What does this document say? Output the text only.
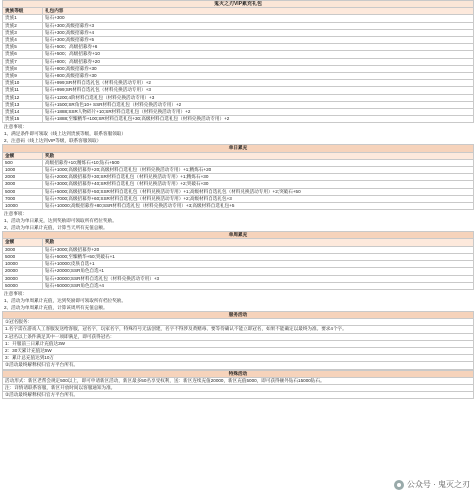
鬼灭之刃VIP累充礼包	
贵族等级	礼包内容
贵族1	钻石+300
贵族2	钻石+300;高级招募券+3
贵族3	钻石+300;高级招募券+4
贵族4	钻石+300;高级招募券+5
贵族5	钻石+500；高级招募券+6
贵族6	钻石+500；高级招募券+10
贵族7	钻石+800；高级招募券+20
贵族8	钻石+800;高级招募券+30
贵族9	钻石+800;高级招募券+30
贵族10	钻石+999;SR材料自选礼包（材料兑换活动专用）+2
贵族11	钻石+999;SR材料自选礼包（材料兑换活动专用）+3
贵族12	钻石+1200;4阶材料自选礼包（材料兑换活动专用）+3
贵族13	钻石+1500;SR角色10+ SSR材料自选礼包（材料兑换活动专用）+2
贵族14	钻石+1888;SSR人物碎片+10;SR材料自选礼包（材料兑换活动专用）+2
贵族15	钻石+1888;至臻精华+100;SR材料自选礼包+30;高级材料自选礼包（材料兑换活动专用）+2
注意事项：
1、满足条件即可领取（线上达到贵族等级，联系客服领取）
2、注意码（线上达到VIP等级，联系客服领取）
单日累充	
金额	奖励
500	高级招募券+10;精炼石+10;钻石+500
1000	钻石+1000;高级招募券+20;高级材料自选礼包（材料兑换活动专用）+1;精炼石+20
2000	钻石+2000;高级招募券+30;SR材料自选礼包（材料兑换活动专用）+1;精炼石+30
3000	钻石+3000;高级招募券+40;SR材料自选礼包（材料兑换活动专用）+2;突破石+30
5000	钻石+5000;高级招募券+50;SSR材料自选礼包（材料兑换活动专用）+1;高级材料自选礼包（材料兑换活动专用）+2;突破石+50
7000	钻石+7000;高级招募券+60;SSR材料自选礼包（材料兑换活动专用）+2;高级材料自选礼包+3
10000	钻石+10000;高级招募券+80;SSR材料自选礼包（材料兑换活动专用）+3;高级材料自选礼包+5
注意事项：
1、活动为单日累充，达到奖励即可领取所有档位奖励。
2、活动为单日累计充值，计算当天所有充值总额。
单周累充	
金额	奖励
3000	钻石+3000;高级招募券+20
5000	钻石+5000;至臻精华+50;突破石+1
10000	钻石+10000;皮肤自选+1
20000	钻石+20000;SSR角色自选+1
30000	钻石+30000;SSR材料自选礼包（材料兑换活动专用）+3
50000	钻石+50000;SSR角色自选+4
注意事项：
1、活动为单周累计充值，达到奖励即可领取所有档位奖励。
2、活动为单周累计充值，计算该周所有充值总额。
服务活动
①冠名服务：
1.名字需在游戏人工客服发送给客服，冠名字，玩家名字，特殊符号无法创建，名字不得涉及黄赌毒、要等待确认不能立即冠名，如果不能确定以最终为准。要求4个字。
2.冠名以上条件满足其中一项即满足，即可获得冠名：
1：开服前三日累计充值达3W
2：30天累计充值达5W
3：累计总充值达到10万
②活动最终解释权归官方平台所有。
特殊活动
活动形式：新区老帮会规定500以上，即可申请新区活动，新区最多50名享受权利，送：新区连续充值20000，新区充值5000，即可获得额外钻石15000钻石。
注：详情请联系客服，新区开放时间以客服通知为准。
②活动最终解释权归官方平台所有。
公众号 · 鬼灭之刃
